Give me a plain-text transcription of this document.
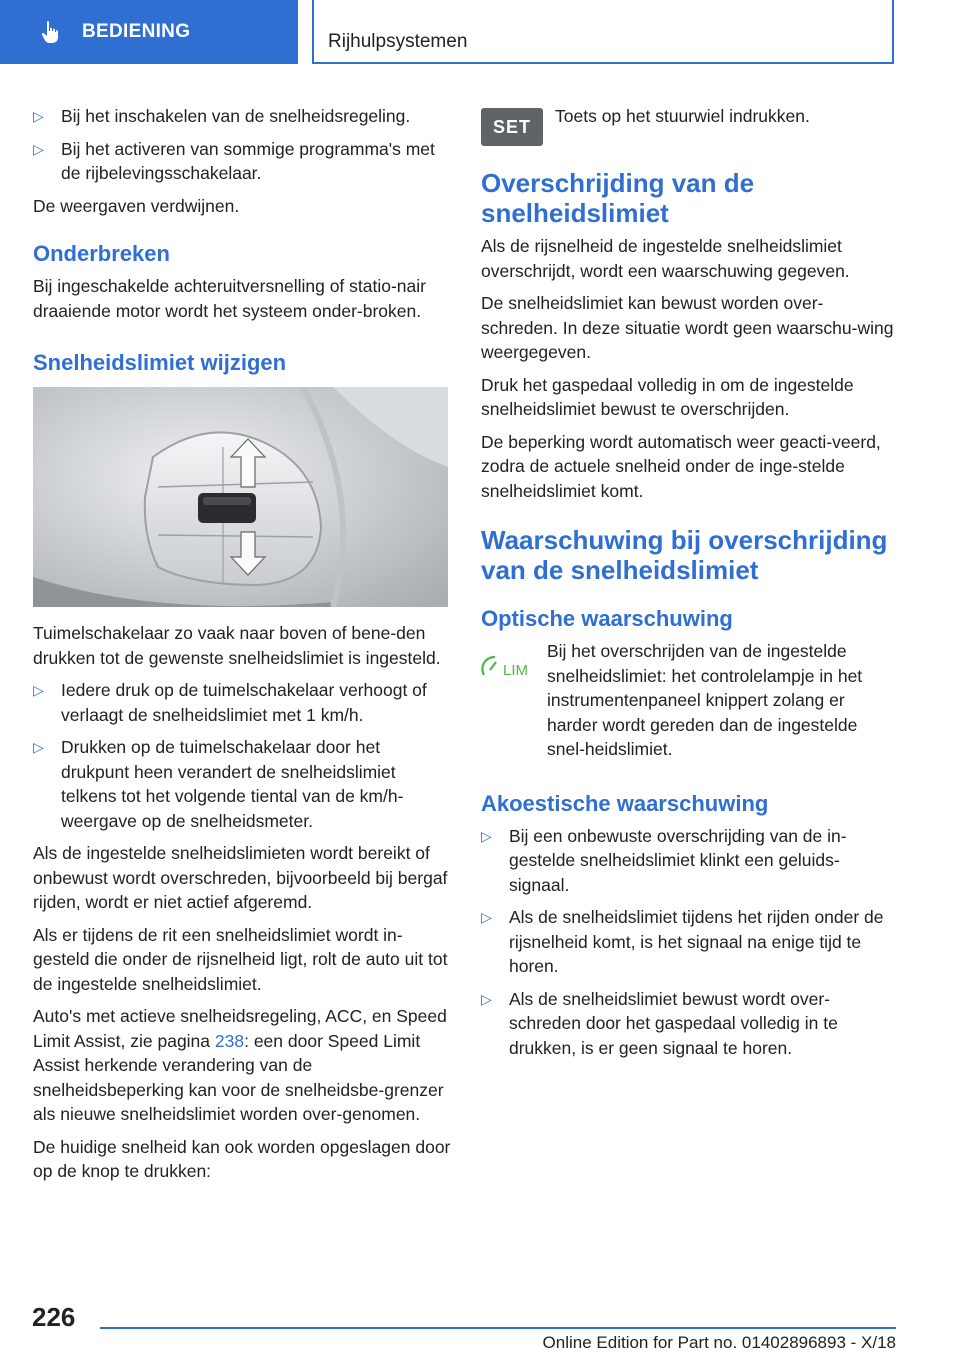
BEDIENING	Rijhulpsystemen
▷ Bij het inschakelen van de snelheidsregeling.
▷ Bij het activeren van sommige programma's met de rijbelevingsschakelaar.

De weergaven verdwijnen.

Onderbreken

Bij ingeschakelde achteruitversnelling of statio-nair draaiende motor wordt het systeem onder-broken.

Snelheidslimiet wijzigen

Tuimelschakelaar zo vaak naar boven of bene-den drukken tot de gewenste snelheidslimiet is ingesteld.

▷ Iedere druk op de tuimelschakelaar verhoogt of verlaagt de snelheidslimiet met 1 km/h.
▷ Drukken op de tuimelschakelaar door het drukpunt heen verandert de snelheidslimiet telkens tot het volgende tiental van de km/h-weergave op de snelheidsmeter.

Als de ingestelde snelheidslimieten wordt bereikt of onbewust wordt overschreden, bijvoorbeeld bij bergaf rijden, wordt er niet actief afgeremd.

Als er tijdens de rit een snelheidslimiet wordt in-gesteld die onder de rijsnelheid ligt, rolt de auto uit tot de ingestelde snelheidslimiet.

Auto's met actieve snelheidsregeling, ACC, en Speed Limit Assist, zie pagina 238: een door Speed Limit Assist herkende verandering van de snelheidsbeperking kan voor de snelheidsbe-grenzer als nieuwe snelheidslimiet worden over-genomen.

De huidige snelheid kan ook worden opgeslagen door op de knop te drukken:

SET

Toets op het stuurwiel indrukken.

Overschrijding van de snelheidslimiet

Als de rijsnelheid de ingestelde snelheidslimiet overschrijdt, wordt een waarschuwing gegeven.

De snelheidslimiet kan bewust worden over-schreden. In deze situatie wordt geen waarschu-wing weergegeven.

Druk het gaspedaal volledig in om de ingestelde snelheidslimiet bewust te overschrijden.

De beperking wordt automatisch weer geacti-veerd, zodra de actuele snelheid onder de inge-stelde snelheidslimiet komt.

Waarschuwing bij overschrijding van de snelheidslimiet
Optische waarschuwing
LIM

Bij het overschrijden van de ingestelde snelheidslimiet: het controlelampje in het instrumentenpaneel knippert zolang er harder wordt gereden dan de ingestelde snel-heidslimiet.

Akoestische waarschuwing
▷ Bij een onbewuste overschrijding van de in-gestelde snelheidslimiet klinkt een geluids-signaal.
▷ Als de snelheidslimiet tijdens het rijden onder de rijsnelheid komt, is het signaal na enige tijd te horen.
▷ Als de snelheidslimiet bewust wordt over-schreden door het gaspedaal volledig in te drukken, is er geen signaal te horen.
226
Online Edition for Part no. 01402896893 - X/18
